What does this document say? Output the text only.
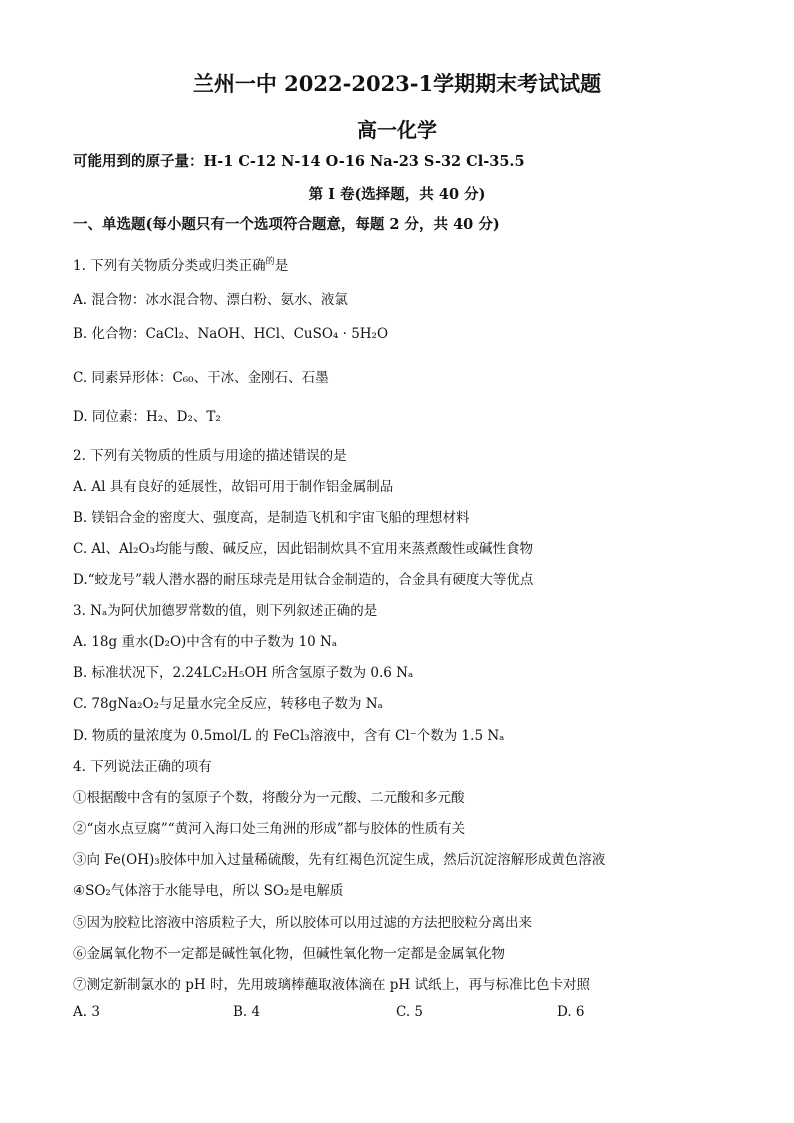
兰州一中 2022-2023-1学期期末考试试题
高一化学
可能用到的原子量：H-1 C-12 N-14 O-16 Na-23 S-32 Cl-35.5
第 I 卷(选择题，共 40 分)
一、单选题(每小题只有一个选项符合题意，每题 2 分，共 40 分)
1. 下列有关物质分类或归类正确$^的$是
A. 混合物：冰水混合物、漂白粉、氨水、液氯
B. 化合物：CaCl₂、NaOH、HCl、CuSO₄ · 5H₂O
C. 同素异形体：C₆₀、干冰、金刚石、石墨
D. 同位素：H₂、D₂、T₂
2. 下列有关物质的性质与用途的描述错误的是
A. Al 具有良好的延展性，故铝可用于制作铝金属制品
B. 镁铝合金的密度大、强度高，是制造飞机和宇宙飞船的理想材料
C. Al、Al₂O₃均能与酸、碱反应，因此铝制炊具不宜用来蒸煮酸性或碱性食物
D.“蛟龙号”载人潜水器的耐压球壳是用钛合金制造的，合金具有硬度大等优点
3. Nₐ为阿伏加德罗常数的值，则下列叙述正确的是
A. 18g 重水(D₂O)中含有的中子数为 10 Nₐ
B. 标准状况下，2.24LC₂H₅OH 所含氢原子数为 0.6 Nₐ
C. 78gNa₂O₂与足量水完全反应，转移电子数为 Nₐ
D. 物质的量浓度为 0.5mol/L 的 FeCl₃溶液中，含有 Cl⁻个数为 1.5 Nₐ
4. 下列说法正确的项有
①根据酸中含有的氢原子个数，将酸分为一元酸、二元酸和多元酸
②“卤水点豆腐”“黄河入海口处三角洲的形成”都与胶体的性质有关
③向 Fe(OH)₃胶体中加入过量稀硫酸，先有红褐色沉淀生成，然后沉淀溶解形成黄色溶液
④SO₂气体溶于水能导电，所以 SO₂是电解质
⑤因为胶粒比溶液中溶质粒子大，所以胶体可以用过滤的方法把胶粒分离出来
⑥金属氧化物不一定都是碱性氧化物，但碱性氧化物一定都是金属氧化物
⑦测定新制氯水的 pH 时，先用玻璃棒蘸取液体滴在 pH 试纸上，再与标准比色卡对照
A. 3	B. 4	C. 5	D. 6
